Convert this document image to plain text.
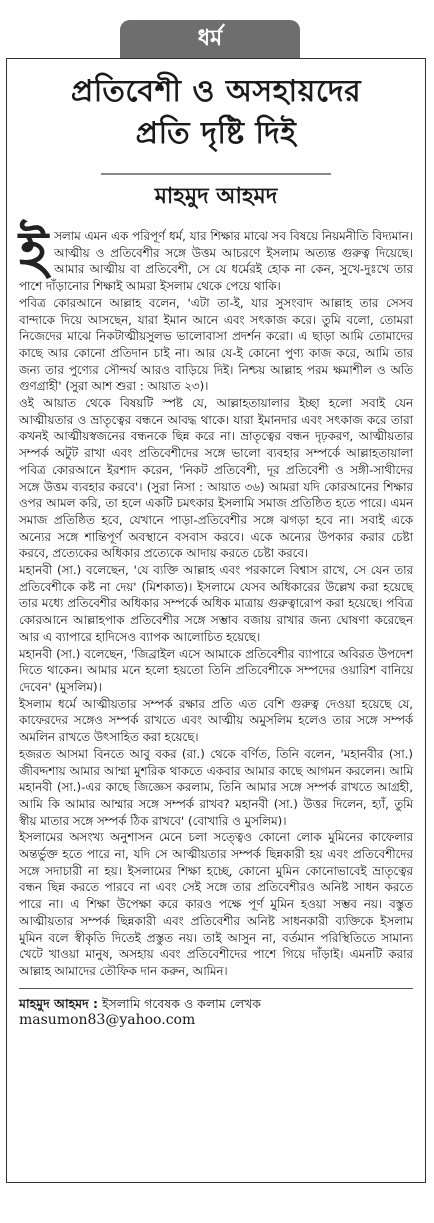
ধর্ম
প্রতিবেশী ও অসহায়দের
প্রতি দৃষ্টি দিই
মাহমুদ আহমদ
ই সলাম এমন এক পরিপূর্ণ ধর্ম, যার শিক্ষার মাঝে সব বিষয়ে নিয়মনীতি বিদ্যমান। আত্মীয় ও প্রতিবেশীর সঙ্গে উত্তম আচরণে ইসলাম অত্যন্ত গুরুত্ব দিয়েছে। আমার আত্মীয় বা প্রতিবেশী, সে যে ধর্মেরই হোক না কেন, সুখে-দুঃখে তার পাশে দাঁড়ানোর শিক্ষাই আমরা ইসলাম থেকে পেয়ে থাকি।

পবিত্র কোরআনে আল্লাহ বলেন, 'এটা তা-ই, যার সুসংবাদ আল্লাহ তার সেসব বান্দাকে দিয়ে আসছেন, যারা ইমান আনে এবং সৎকাজ করে। তুমি বলো, তোমরা নিজেদের মাঝে নিকটাত্মীয়সুলভ ভালোবাসা প্রদর্শন করো। এ ছাড়া আমি তোমাদের কাছে আর কোনো প্রতিদান চাই না। আর যে-ই কোনো পুণ্য কাজ করে, আমি তার জন্য তার পুণ্যের সৌন্দর্য আরও বাড়িয়ে দিই। নিশ্চয় আল্লাহ পরম ক্ষমাশীল ও অতি গুণগ্রাহী' (সুরা আশ শুরা : আয়াত ২৩)।

ওই আয়াত থেকে বিষয়টি স্পষ্ট যে, আল্লাহতায়ালার ইচ্ছা হলো সবাই যেন আত্মীয়তার ও ভ্রাতৃত্বের বন্ধনে আবদ্ধ থাকে। যারা ইমানদার এবং সৎকাজ করে তারা কখনই আত্মীয়স্বজনের বন্ধনকে ছিন্ন করে না। ভ্রাতৃত্বের বন্ধন দৃঢ়করণ, আত্মীয়তার সম্পর্ক অটুট রাখা এবং প্রতিবেশীদের সঙ্গে ভালো ব্যবহার সম্পর্কে আল্লাহতায়ালা পবিত্র কোরআনে ইরশাদ করেন, 'নিকট প্রতিবেশী, দূর প্রতিবেশী ও সঙ্গী-সাথীদের সঙ্গে উত্তম ব্যবহার করবে'। (সুরা নিসা : আয়াত ৩৬) আমরা যদি কোরআনের শিক্ষার ওপর আমল করি, তা হলে একটি চমৎকার ইসলামি সমাজ প্রতিষ্ঠিত হতে পারে। এমন সমাজ প্রতিষ্ঠিত হবে, যেখানে পাড়া-প্রতিবেশীর সঙ্গে ঝগড়া হবে না। সবাই একে অন্যের সঙ্গে শান্তিপূর্ণ অবস্থানে বসবাস করবে। একে অন্যের উপকার করার চেষ্টা করবে, প্রত্যেকের অধিকার প্রত্যেকে আদায় করতে চেষ্টা করবে।

মহানবী (সা.) বলেছেন, 'যে ব্যক্তি আল্লাহ এবং পরকালে বিশ্বাস রাখে, সে যেন তার প্রতিবেশীকে কষ্ট না দেয়' (মিশকাত)। ইসলামে যেসব অধিকারের উল্লেখ করা হয়েছে তার মধ্যে প্রতিবেশীর অধিকার সম্পর্কে অধিক মাত্রায় গুরুত্বারোপ করা হয়েছে। পবিত্র কোরআনে আল্লাহপাক প্রতিবেশীর সঙ্গে সম্ভাব বজায় রাখার জন্য ঘোষণা করেছেন আর এ ব্যাপারে হাদিসেও ব্যাপক আলোচিত হয়েছে।

মহানবী (সা.) বলেছেন, 'জিব্রাইল এসে আমাকে প্রতিবেশীর ব্যাপারে অবিরত উপদেশ দিতে থাকেন। আমার মনে হলো হয়তো তিনি প্রতিবেশীকে সম্পদের ওয়ারিশ বানিয়ে দেবেন' (মুসলিম)।

ইসলাম ধর্মে আত্মীয়তার সম্পর্ক রক্ষার প্রতি এত বেশি গুরুত্ব দেওয়া হয়েছে যে, কাফেরদের সঙ্গেও সম্পর্ক রাখতে এবং আত্মীয় অমুসলিম হলেও তার সঙ্গে সম্পর্ক অমলিন রাখতে উৎসাহিত করা হয়েছে।

হজরত আসমা বিনতে আবু বকর (রা.) থেকে বর্ণিত, তিনি বলেন, 'মহানবীর (সা.) জীবদ্দশায় আমার আম্মা মুশরিক থাকতে একবার আমার কাছে আগমন করলেন। আমি মহানবী (সা.)-এর কাছে জিজ্ঞেস করলাম, তিনি আমার সঙ্গে সম্পর্ক রাখতে আগ্রহী, আমি কি আমার আম্মার সঙ্গে সম্পর্ক রাখব? মহানবী (সা.) উত্তর দিলেন, হ্যাঁ, তুমি স্বীয় মাতার সঙ্গে সম্পর্ক ঠিক রাখবে' (বোখারি ও মুসলিম)।

ইসলামের অসংখ্য অনুশাসন মেনে চলা সত্ত্বেও কোনো লোক মুমিনের কাফেলার অন্তর্ভুক্ত হতে পারে না, যদি সে আত্মীয়তার সম্পর্ক ছিন্নকারী হয় এবং প্রতিবেশীদের সঙ্গে সদাচারী না হয়। ইসলামের শিক্ষা হচ্ছে, কোনো মুমিন কোনোভাবেই ভ্রাতৃত্বের বন্ধন ছিন্ন করতে পারবে না এবং সেই সঙ্গে তার প্রতিবেশীরও অনিষ্ট সাধন করতে পারে না। এ শিক্ষা উপেক্ষা করে কারও পক্ষে পূর্ণ মুমিন হওয়া সম্ভব নয়। বস্তুত আত্মীয়তার সম্পর্ক ছিন্নকারী এবং প্রতিবেশীর অনিষ্ট সাধনকারী ব্যক্তিকে ইসলাম মুমিন বলে স্বীকৃতি দিতেই প্রস্তুত নয়। তাই আসুন না, বর্তমান পরিস্থিতিতে সামান্য খেটে খাওয়া মানুষ, অসহায় এবং প্রতিবেশীদের পাশে গিয়ে দাঁড়াই। এমনটি করার আল্লাহ আমাদের তৌফিক দান করুন, আমিন।

মাহমুদ আহমদ : ইসলামি গবেষক ও কলাম লেখক
masumon83@yahoo.com
